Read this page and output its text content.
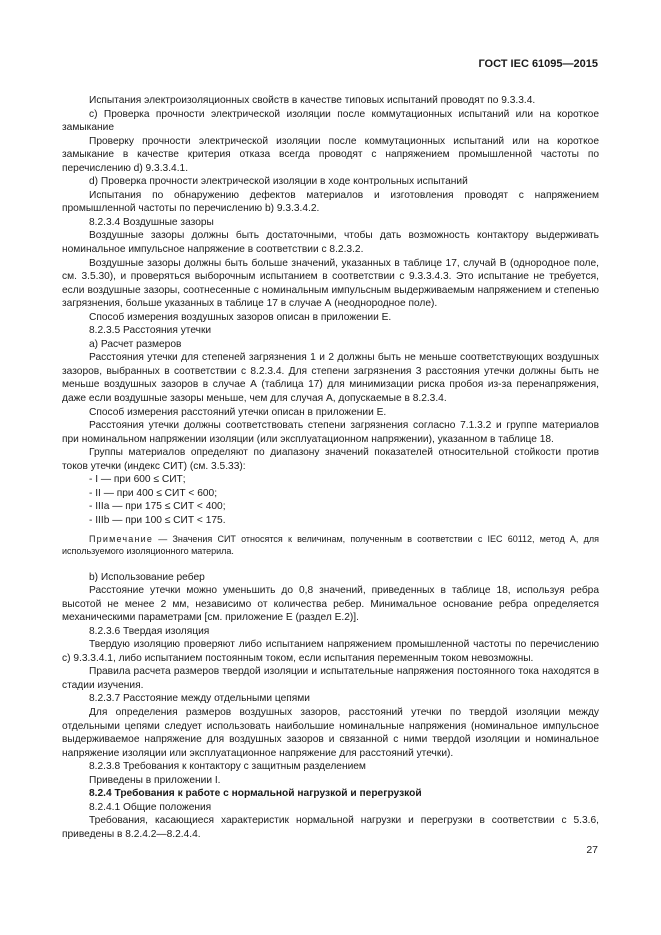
ГОСТ IEC 61095—2015

Испытания электроизоляционных свойств в качестве типовых испытаний проводят по 9.3.3.4.

с) Проверка прочности электрической изоляции после коммутационных испытаний или на короткое замыкание

Проверку прочности электрической изоляции после коммутационных испытаний или на короткое замыкание в качестве критерия отказа всегда проводят с напряжением промышленной частоты по перечислению d) 9.3.3.4.1.

d) Проверка прочности электрической изоляции в ходе контрольных испытаний

Испытания по обнаружению дефектов материалов и изготовления проводят с напряжением промышленной частоты по перечислению b) 9.3.3.4.2.

8.2.3.4 Воздушные зазоры

Воздушные зазоры должны быть достаточными, чтобы дать возможность контактору выдерживать номинальное импульсное напряжение в соответствии с 8.2.3.2.

Воздушные зазоры должны быть больше значений, указанных в таблице 17, случай В (однородное поле, см. 3.5.30), и проверяться выборочным испытанием в соответствии с 9.3.3.4.3. Это испытание не требуется, если воздушные зазоры, соотнесенные с номинальным импульсным выдерживаемым напряжением и степенью загрязнения, больше указанных в таблице 17 в случае А (неоднородное поле).

Способ измерения воздушных зазоров описан в приложении Е.

8.2.3.5 Расстояния утечки

а) Расчет размеров

Расстояния утечки для степеней загрязнения 1 и 2 должны быть не меньше соответствующих воздушных зазоров, выбранных в соответствии с 8.2.3.4. Для степени загрязнения 3 расстояния утечки должны быть не меньше воздушных зазоров в случае А (таблица 17) для минимизации риска пробоя из-за перенапряжения, даже если воздушные зазоры меньше, чем для случая А, допускаемые в 8.2.3.4.

Способ измерения расстояний утечки описан в приложении Е.

Расстояния утечки должны соответствовать степени загрязнения согласно 7.1.3.2 и группе материалов при номинальном напряжении изоляции (или эксплуатационном напряжении), указанном в таблице 18.

Группы материалов определяют по диапазону значений показателей относительной стойкости против токов утечки (индекс СИТ) (см. 3.5.33):

- I — при 600 ≤ СИТ;
- II — при 400 ≤ СИТ < 600;
- IIIa — при 175 ≤ СИТ < 400;
- IIIb — при 100 ≤ СИТ < 175.

Примечание — Значения СИТ относятся к величинам, полученным в соответствии с IEC 60112, метод А, для используемого изоляционного материла.

b) Использование ребер

Расстояние утечки можно уменьшить до 0,8 значений, приведенных в таблице 18, используя ребра высотой не менее 2 мм, независимо от количества ребер. Минимальное основание ребра определяется механическими параметрами [см. приложение Е (раздел Е.2)].

8.2.3.6 Твердая изоляция

Твердую изоляцию проверяют либо испытанием напряжением промышленной частоты по перечислению с) 9.3.3.4.1, либо испытанием постоянным током, если испытания переменным током невозможны.

Правила расчета размеров твердой изоляции и испытательные напряжения постоянного тока находятся в стадии изучения.

8.2.3.7 Расстояние между отдельными цепями

Для определения размеров воздушных зазоров, расстояний утечки по твердой изоляции между отдельными цепями следует использовать наибольшие номинальные напряжения (номинальное импульсное выдерживаемое напряжение для воздушных зазоров и связанной с ними твердой изоляции и номинальное напряжение изоляции или эксплуатационное напряжение для расстояний утечки).

8.2.3.8 Требования к контактору с защитным разделением

Приведены в приложении I.

8.2.4 Требования к работе с нормальной нагрузкой и перегрузкой

8.2.4.1 Общие положения

Требования, касающиеся характеристик нормальной нагрузки и перегрузки в соответствии с 5.3.6, приведены в 8.2.4.2—8.2.4.4.

27
